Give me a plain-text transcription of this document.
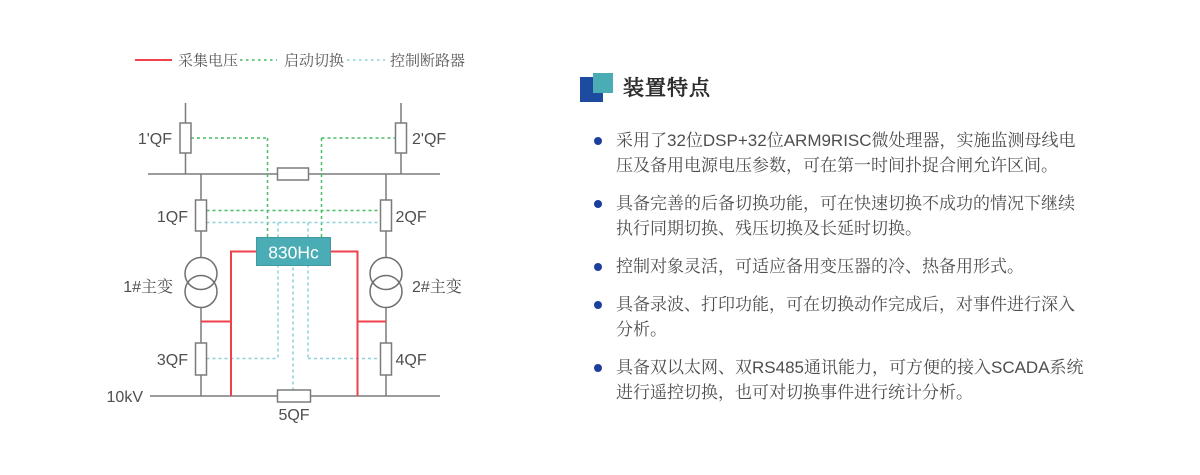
采集电压	启动切换	控制断路器
830Hc
1'QF	2'QF
1QF	2QF
1#主变	2#主变
3QF	4QF
10kV
5QF
装置特点
采用了32位DSP+32位ARM9RISC微处理器，实施监测母线电压及备用电源电压参数，可在第一时间扑捉合闸允许区间。
具备完善的后备切换功能，可在快速切换不成功的情况下继续执行同期切换、残压切换及长延时切换。
控制对象灵活，可适应备用变压器的冷、热备用形式。
具备录波、打印功能，可在切换动作完成后，对事件进行深入分析。
具备双以太网、双RS485通讯能力，可方便的接入SCADA系统进行遥控切换，也可对切换事件进行统计分析。
